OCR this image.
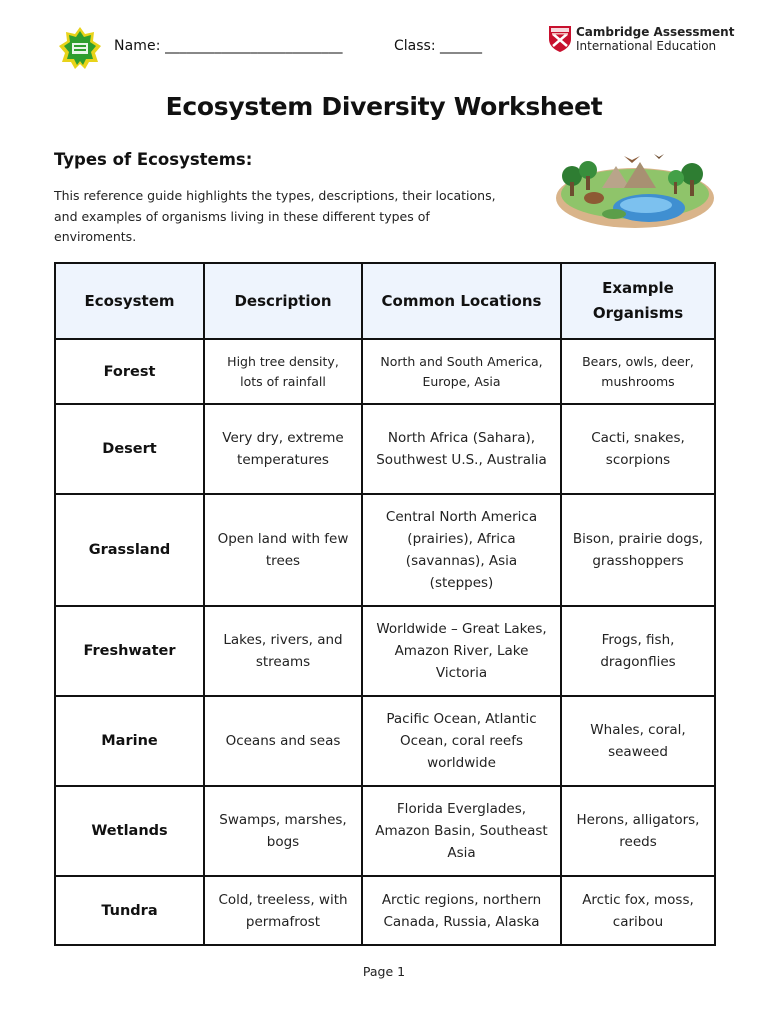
Name: _________________________	Class: ______
Cambridge Assessment
International Education
Ecosystem Diversity Worksheet
Types of Ecosystems:
This reference guide highlights the types, descriptions, their locations, and examples of organisms living in these different types of enviroments.
Ecosystem	Description	Common Locations	Example Organisms
Forest	High tree density, lots of rainfall	North and South America, Europe, Asia	Bears, owls, deer, mushrooms
Desert	Very dry, extreme temperatures	North Africa (Sahara), Southwest U.S., Australia	Cacti, snakes, scorpions
Grassland	Open land with few trees	Central North America (prairies), Africa (savannas), Asia (steppes)	Bison, prairie dogs, grasshoppers
Freshwater	Lakes, rivers, and streams	Worldwide – Great Lakes, Amazon River, Lake Victoria	Frogs, fish, dragonflies
Marine	Oceans and seas	Pacific Ocean, Atlantic Ocean, coral reefs worldwide	Whales, coral, seaweed
Wetlands	Swamps, marshes, bogs	Florida Everglades, Amazon Basin, Southeast Asia	Herons, alligators, reeds
Tundra	Cold, treeless, with permafrost	Arctic regions, northern Canada, Russia, Alaska	Arctic fox, moss, caribou
Page 1
